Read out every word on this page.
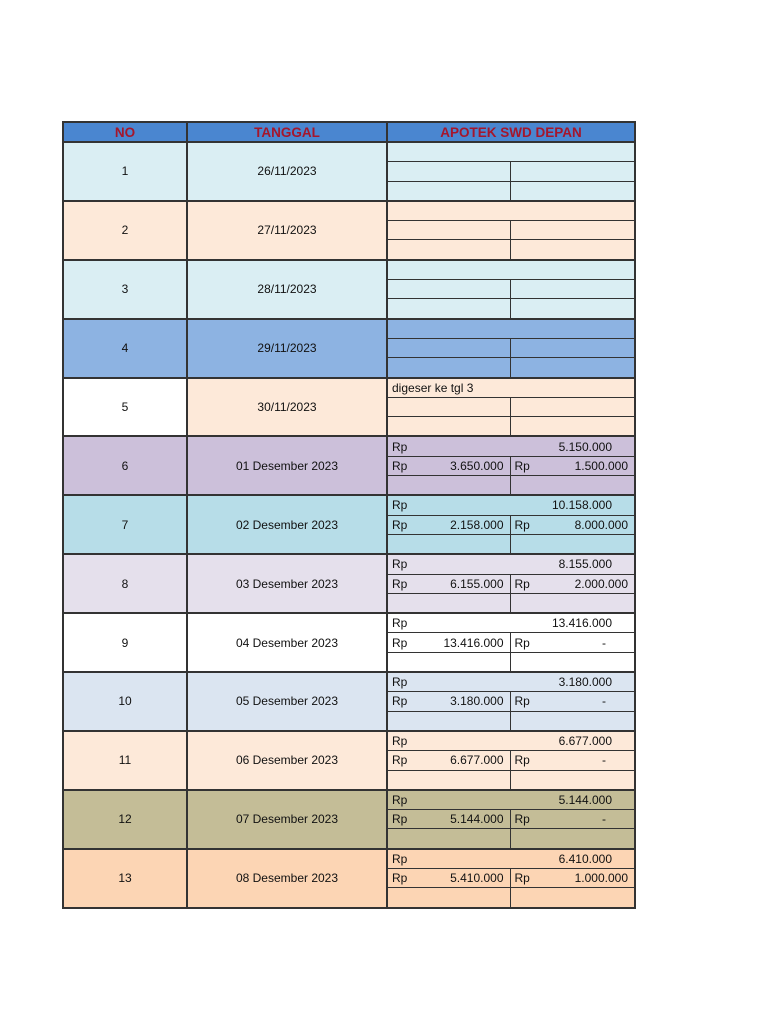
NO	TANGGAL	APOTEK SWD DEPAN	
1	26/11/2023		

2	27/11/2023		

3	28/11/2023		

4	29/11/2023		

5	30/11/2023	digeser ke tgl 3	

6	01 Desember 2023	Rp 5.150.000	

		Rp 3.650.000	Rp 1.500.000

7	02 Desember 2023	Rp 10.158.000	

		Rp 2.158.000	Rp 8.000.000

8	03 Desember 2023	Rp 8.155.000	

		Rp 6.155.000	Rp 2.000.000

9	04 Desember 2023	Rp 13.416.000	

		Rp 13.416.000	Rp -

10	05 Desember 2023	Rp 3.180.000	

		Rp 3.180.000	Rp -

11	06 Desember 2023	Rp 6.677.000	

		Rp 6.677.000	Rp -

12	07 Desember 2023	Rp 5.144.000	

		Rp 5.144.000	Rp -

13	08 Desember 2023	Rp 6.410.000	

		Rp 5.410.000	Rp 1.000.000
